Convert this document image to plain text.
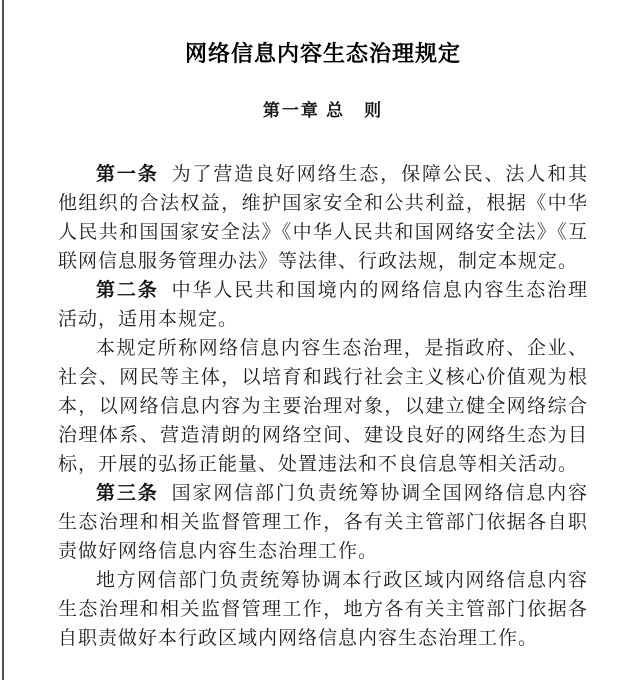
网络信息内容生态治理规定
第一章 总　则

第一条 为了营造良好网络生态，保障公民、法人和其他组织的合法权益，维护国家安全和公共利益，根据《中华人民共和国国家安全法》《中华人民共和国网络安全法》《互联网信息服务管理办法》等法律、行政法规，制定本规定。

第二条 中华人民共和国境内的网络信息内容生态治理活动，适用本规定。

本规定所称网络信息内容生态治理，是指政府、企业、社会、网民等主体，以培育和践行社会主义核心价值观为根本，以网络信息内容为主要治理对象，以建立健全网络综合治理体系、营造清朗的网络空间、建设良好的网络生态为目标，开展的弘扬正能量、处置违法和不良信息等相关活动。

第三条 国家网信部门负责统筹协调全国网络信息内容生态治理和相关监督管理工作，各有关主管部门依据各自职责做好网络信息内容生态治理工作。

地方网信部门负责统筹协调本行政区域内网络信息内容生态治理和相关监督管理工作，地方各有关主管部门依据各自职责做好本行政区域内网络信息内容生态治理工作。
